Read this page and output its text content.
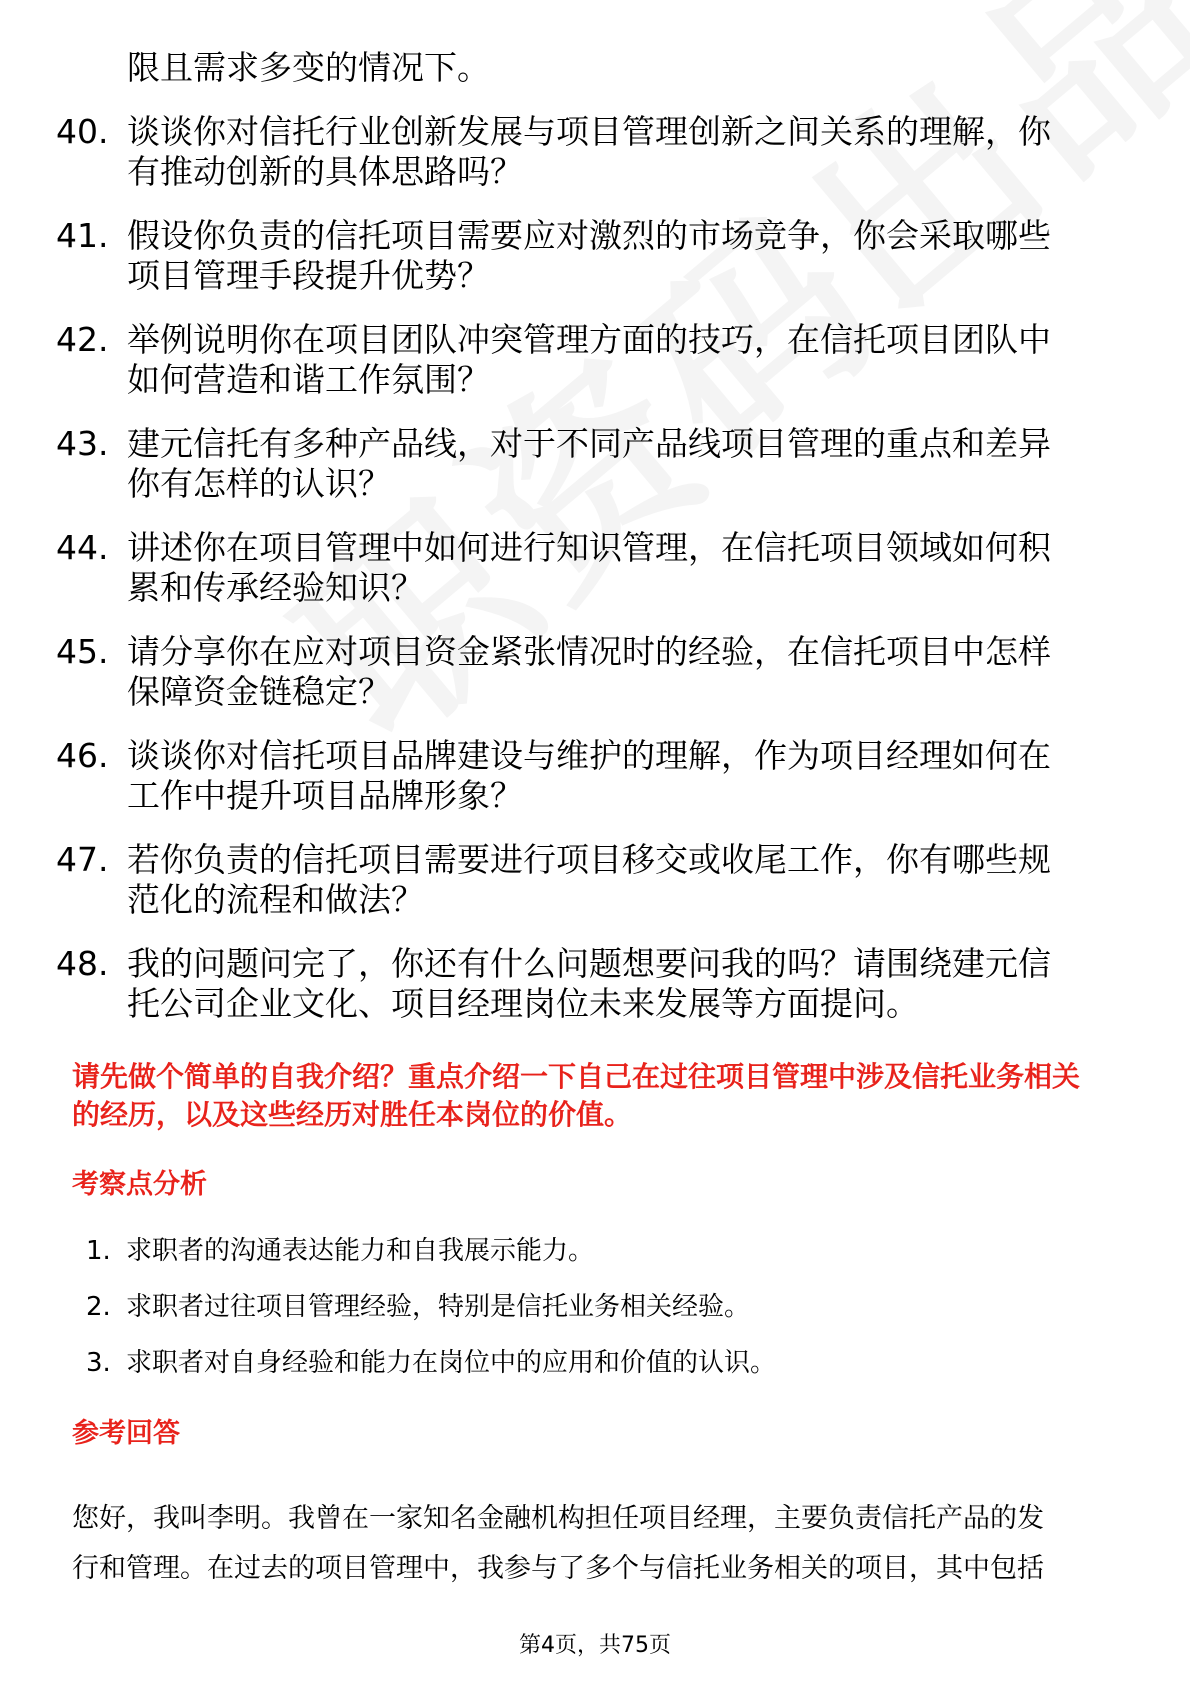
限且需求多变的情况下。
40. 谈谈你对信托行业创新发展与项目管理创新之间关系的理解，你
有推动创新的具体思路吗？
41. 假设你负责的信托项目需要应对激烈的市场竞争，你会采取哪些
项目管理手段提升优势？
42. 举例说明你在项目团队冲突管理方面的技巧，在信托项目团队中
如何营造和谐工作氛围？
43. 建元信托有多种产品线，对于不同产品线项目管理的重点和差异
你有怎样的认识？
44. 讲述你在项目管理中如何进行知识管理，在信托项目领域如何积
累和传承经验知识？
45. 请分享你在应对项目资金紧张情况时的经验，在信托项目中怎样
保障资金链稳定？
46. 谈谈你对信托项目品牌建设与维护的理解，作为项目经理如何在
工作中提升项目品牌形象？
47. 若你负责的信托项目需要进行项目移交或收尾工作，你有哪些规
范化的流程和做法？
48. 我的问题问完了，你还有什么问题想要问我的吗？请围绕建元信
托公司企业文化、项目经理岗位未来发展等方面提问。
请先做个简单的自我介绍？重点介绍一下自己在过往项目管理中涉及信托业务相关
的经历，以及这些经历对胜任本岗位的价值。
考察点分析
1. 求职者的沟通表达能力和自我展示能力。
2. 求职者过往项目管理经验，特别是信托业务相关经验。
3. 求职者对自身经验和能力在岗位中的应用和价值的认识。
参考回答
您好，我叫李明。我曾在一家知名金融机构担任项目经理，主要负责信托产品的发
行和管理。在过去的项目管理中，我参与了多个与信托业务相关的项目，其中包括
第4页，共75页
